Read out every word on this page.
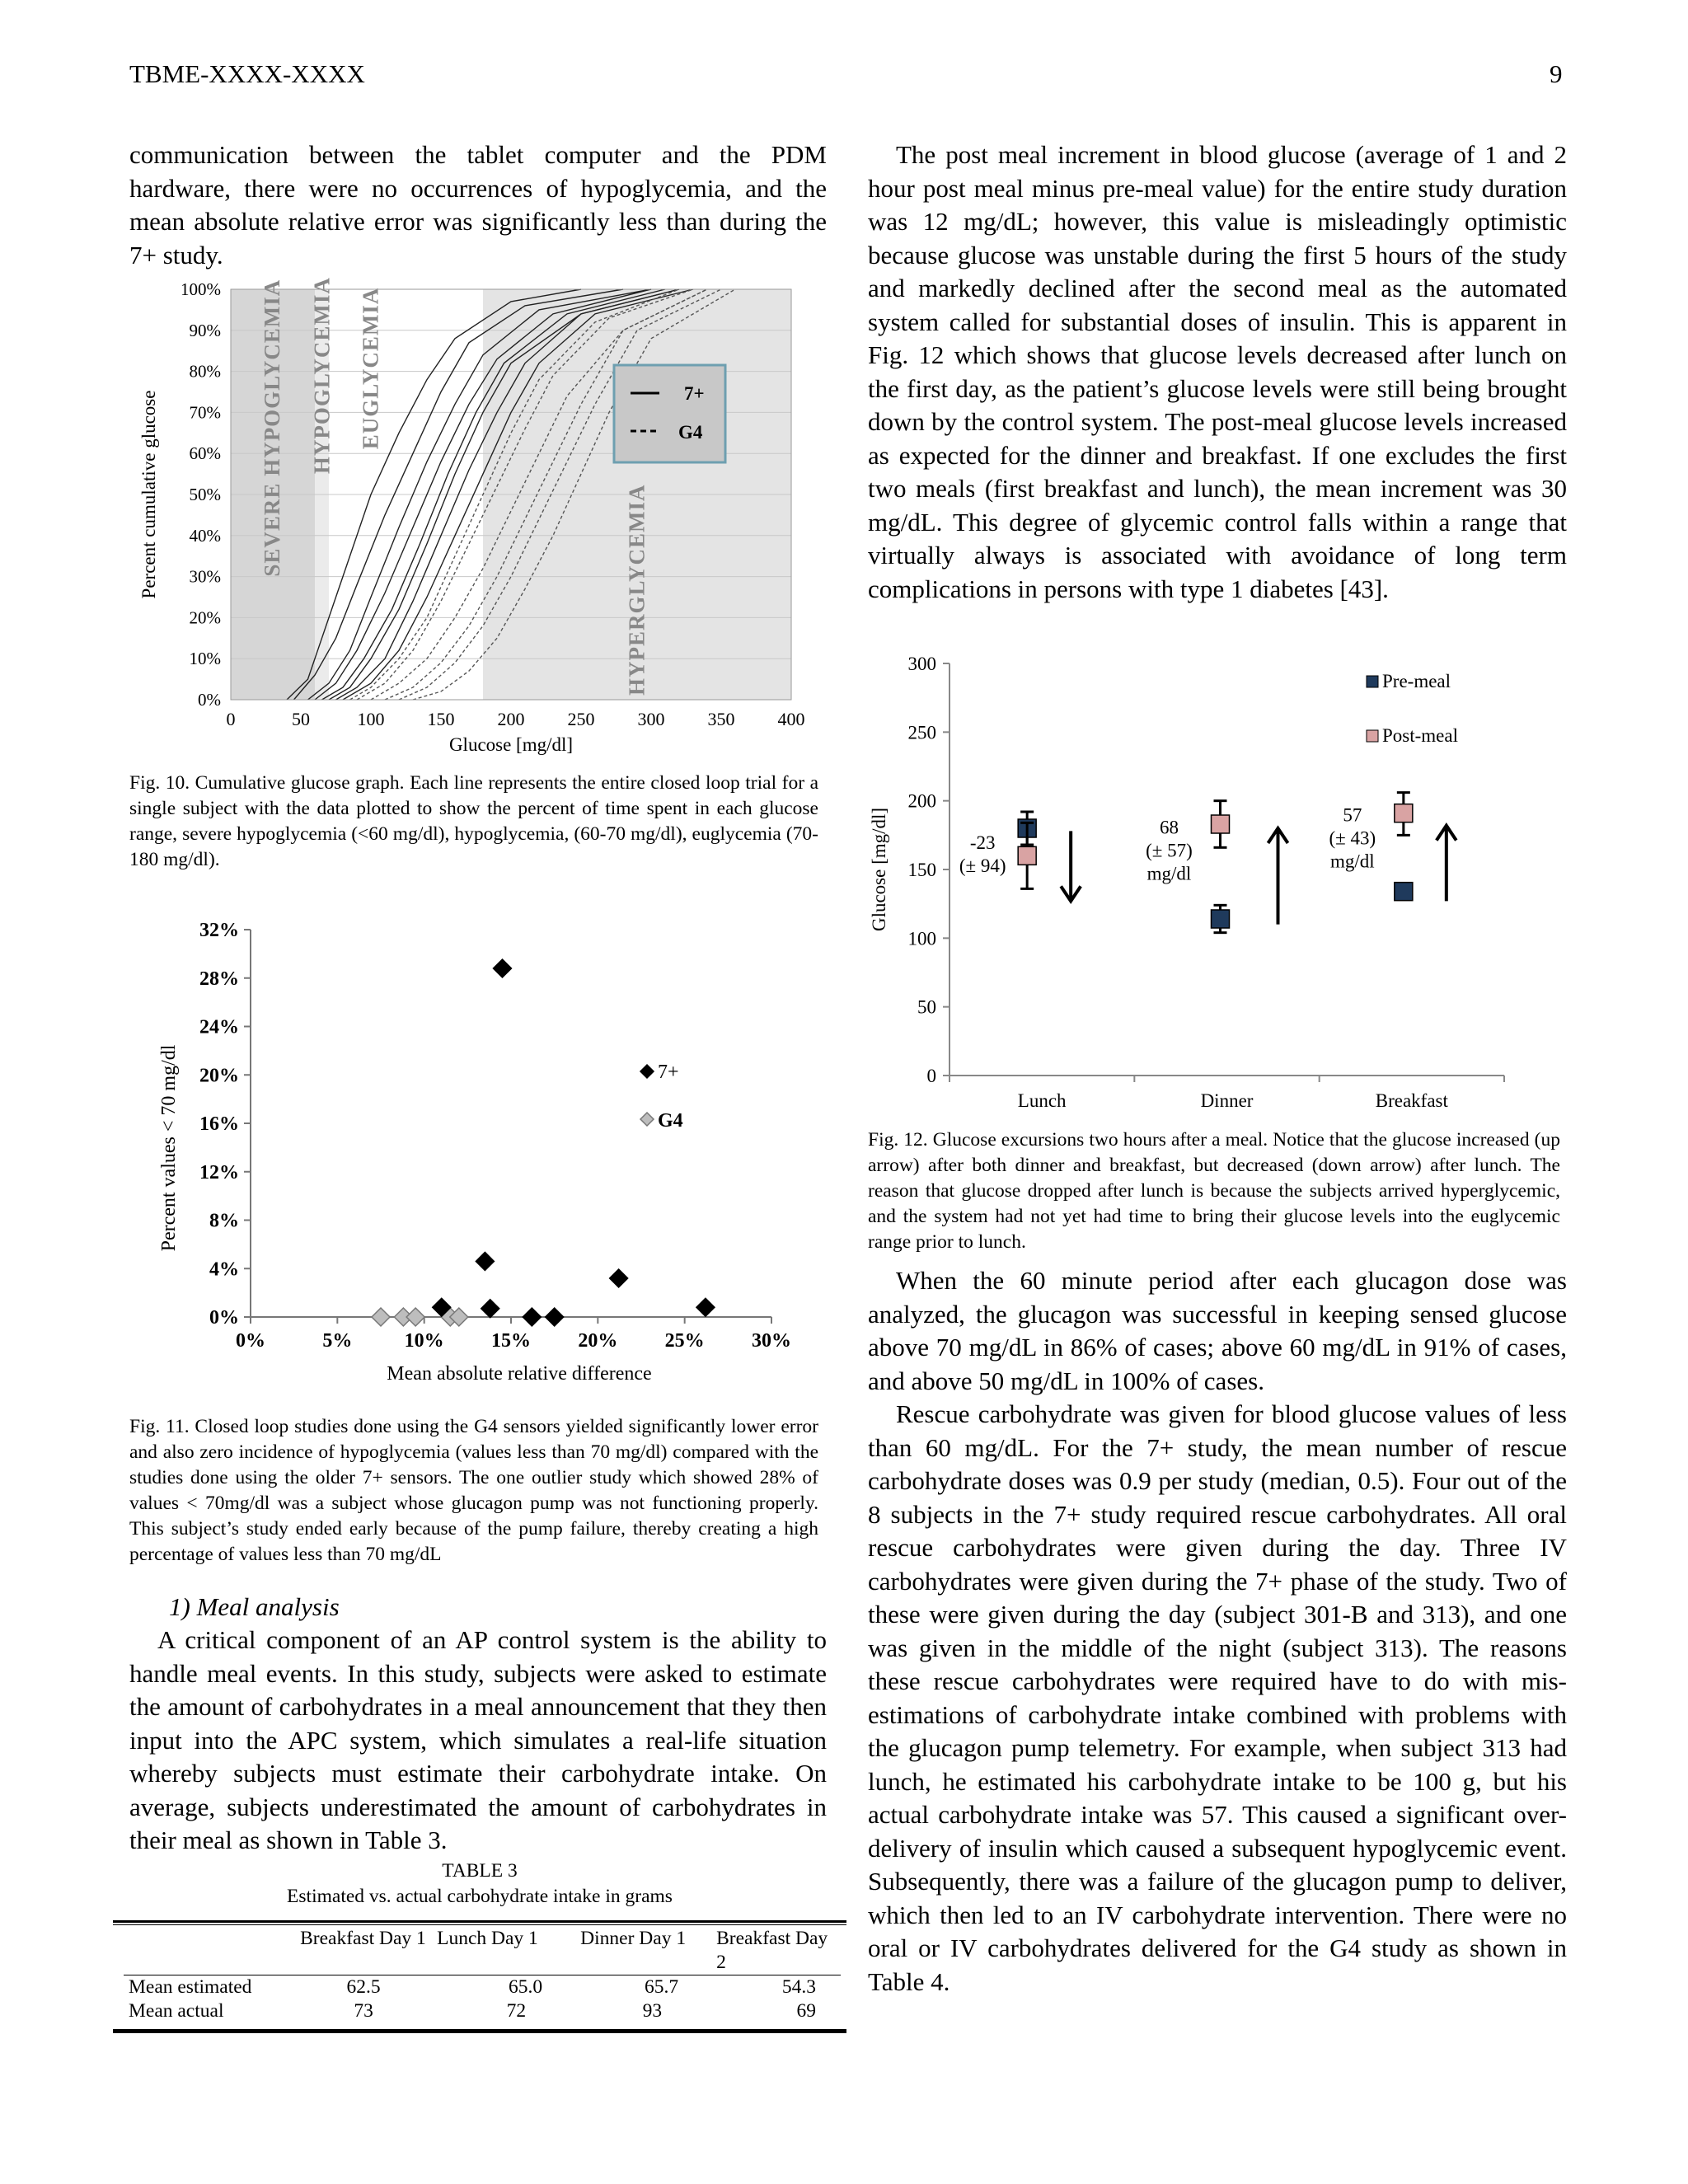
TBME-XXXX-XXXX	9

communication between the tablet computer and the PDM hardware, there were no occurrences of hypoglycemia, and the mean absolute relative error was significantly less than during the 7+ study.

SEVERE HYPOGLYCEMIA HYPOGLYCEMIA EUGLYCEMIA
HYPERGLYCEMIA
0	50	100 150 200 250 300 350 400
0%
10%
20%
30%
40%
50%
60%
70%
80%
90%
100%
Glucose [mg/dl]
Percent cumulative glucose	7+
G4
Fig. 10. Cumulative glucose graph. Each line represents the entire closed loop trial for a single subject with the data plotted to show the percent of time spent in each glucose range, severe hypoglycemia (<60 mg/dl), hypoglycemia, (60-70 mg/dl), euglycemia (70-180 mg/dl).
0%
4%
8%
12%
16%
20%
24%
28%
32%
0%	5%	10% 15% 20% 25% 30%
Mean absolute relative difference
Percent values < 70 mg/dl	7+
G4
Fig. 11. Closed loop studies done using the G4 sensors yielded significantly lower error and also zero incidence of hypoglycemia (values less than 70 mg/dl) compared with the studies done using the older 7+ sensors. The one outlier study which showed 28% of values < 70mg/dl was a subject whose glucagon pump was not functioning properly. This subject’s study ended early because of the pump failure, thereby creating a high percentage of values less than 70 mg/dL
1) Meal analysis

A critical component of an AP control system is the ability to handle meal events. In this study, subjects were asked to estimate the amount of carbohydrates in a meal announcement that they then input into the APC system, which simulates a real-life situation whereby subjects must estimate their carbohydrate intake. On average, subjects underestimated the amount of carbohydrates in their meal as shown in Table 3.

TABLE 3
Estimated vs. actual carbohydrate intake in grams
	Breakfast Day 1	Lunch Day 1	Dinner Day 1	Breakfast Day 2
Mean estimated	62.5	65.0	65.7	54.3
Mean actual	73	72	93	69

The post meal increment in blood glucose (average of 1 and 2 hour post meal minus pre-meal value) for the entire study duration was 12 mg/dL; however, this value is misleadingly optimistic because glucose was unstable during the first 5 hours of the study and markedly declined after the second meal as the automated system called for substantial doses of insulin. This is apparent in Fig. 12 which shows that glucose levels decreased after lunch on the first day, as the patient’s glucose levels were still being brought down by the control system. The post-meal glucose levels increased as expected for the dinner and breakfast. If one excludes the first two meals (first breakfast and lunch), the mean increment was 30 mg/dL. This degree of glycemic control falls within a range that virtually always is associated with avoidance of long term complications in persons with type 1 diabetes [43].

0
50
100
150
200
250
300
Lunch	Dinner	Breakfast
Glucose [mg/dl]	-23
(± 94)
68
(± 57)
mg/dl
57
(± 43)
mg/dl
Pre-meal
Post-meal
Fig. 12. Glucose excursions two hours after a meal. Notice that the glucose increased (up arrow) after both dinner and breakfast, but decreased (down arrow) after lunch. The reason that glucose dropped after lunch is because the subjects arrived hyperglycemic, and the system had not yet had time to bring their glucose levels into the euglycemic range prior to lunch.

When the 60 minute period after each glucagon dose was analyzed, the glucagon was successful in keeping sensed glucose above 70 mg/dL in 86% of cases; above 60 mg/dL in 91% of cases, and above 50 mg/dL in 100% of cases.

Rescue carbohydrate was given for blood glucose values of less than 60 mg/dL. For the 7+ study, the mean number of rescue carbohydrate doses was 0.9 per study (median, 0.5). Four out of the 8 subjects in the 7+ study required rescue carbohydrates. All oral rescue carbohydrates were given during the day. Three IV carbohydrates were given during the 7+ phase of the study. Two of these were given during the day (subject 301-B and 313), and one was given in the middle of the night (subject 313). The reasons these rescue carbohydrates were required have to do with mis-estimations of carbohydrate intake combined with problems with the glucagon pump telemetry. For example, when subject 313 had lunch, he estimated his carbohydrate intake to be 100 g, but his actual carbohydrate intake was 57. This caused a significant over-delivery of insulin which caused a subsequent hypoglycemic event. Subsequently, there was a failure of the glucagon pump to deliver, which then led to an IV carbohydrate intervention. There were no oral or IV carbohydrates delivered for the G4 study as shown in Table 4.
